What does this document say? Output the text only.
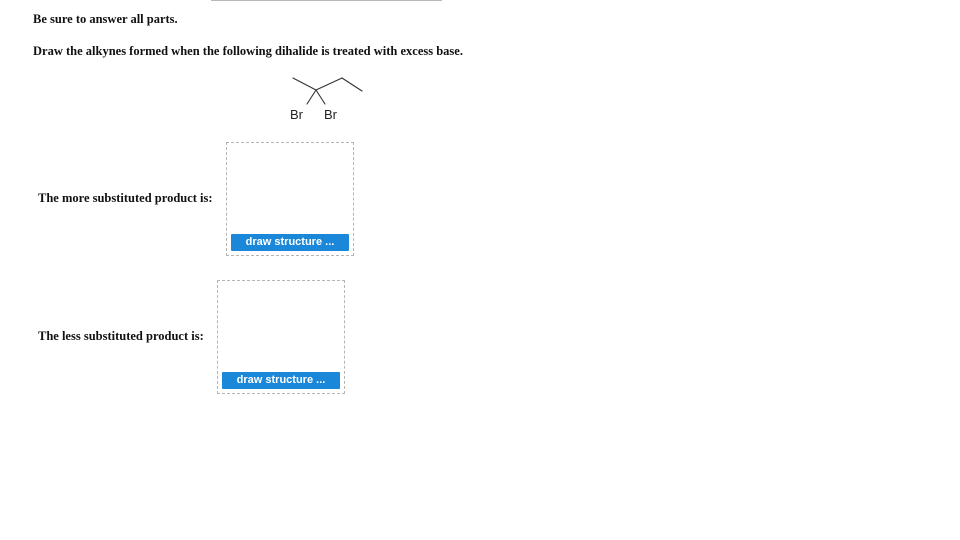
Be sure to answer all parts.
Draw the alkynes formed when the following dihalide is treated with excess base.
Br Br
The more substituted product is:
draw structure ...
The less substituted product is:
draw structure ...
